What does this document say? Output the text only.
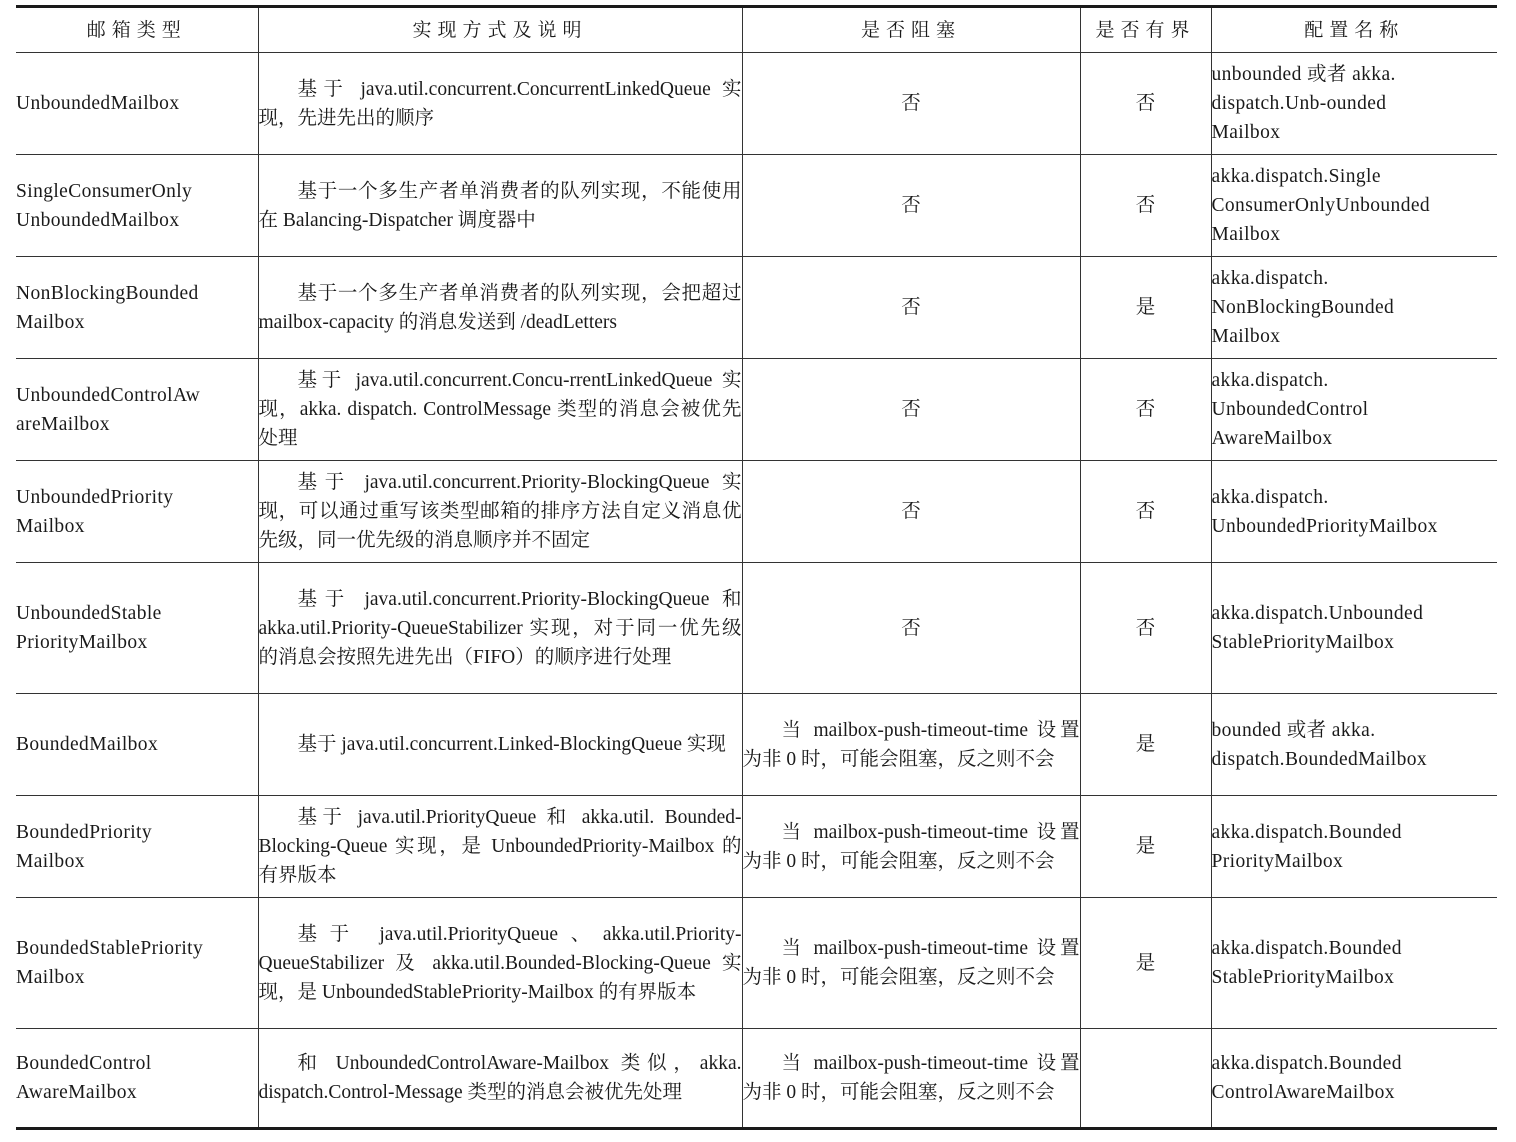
邮箱类型	实现方式及说明	是否阻塞	是否有界	配置名称

UnboundedMailbox	基于 java.util.concurrent.ConcurrentLinkedQueue 实现，先进先出的顺序	否	否	unbounded 或者 akka.
dispatch.Unb-ounded
Mailbox

SingleConsumerOnly
UnboundedMailbox	基于一个多生产者单消费者的队列实现，不能使用在 Balancing-Dispatcher 调度器中	否	否	akka.dispatch.Single
ConsumerOnlyUnbounded
Mailbox

NonBlockingBounded
Mailbox	基于一个多生产者单消费者的队列实现，会把超过 mailbox-capacity 的消息发送到 /deadLetters	否	是	akka.dispatch.
NonBlockingBounded
Mailbox

UnboundedControlAw
areMailbox	基于 java.util.concurrent.Concu-rrentLinkedQueue 实现，akka. dispatch. ControlMessage 类型的消息会被优先处理	否	否	akka.dispatch.
UnboundedControl
AwareMailbox

UnboundedPriority
Mailbox	基于 java.util.concurrent.Priority-BlockingQueue 实现，可以通过重写该类型邮箱的排序方法自定义消息优先级，同一优先级的消息顺序并不固定	否	否	akka.dispatch.
UnboundedPriorityMailbox

UnboundedStable
PriorityMailbox	基于 java.util.concurrent.Priority-BlockingQueue 和 akka.util.Priority-QueueStabilizer 实现，对于同一优先级的消息会按照先进先出（FIFO）的顺序进行处理	否	否	akka.dispatch.Unbounded
StablePriorityMailbox

BoundedMailbox	基于 java.util.concurrent.Linked-BlockingQueue 实现	当 mailbox-push-timeout-time 设置为非 0 时，可能会阻塞，反之则不会	是	bounded 或者 akka.
dispatch.BoundedMailbox

BoundedPriority
Mailbox	基于 java.util.PriorityQueue 和 akka.util. Bounded-Blocking-Queue 实现，是 UnboundedPriority-Mailbox 的有界版本	当 mailbox-push-timeout-time 设置为非 0 时，可能会阻塞，反之则不会	是	akka.dispatch.Bounded
PriorityMailbox

BoundedStablePriority
Mailbox	基于 java.util.PriorityQueue、akka.util.Priority-QueueStabilizer 及 akka.util.Bounded-Blocking-Queue 实现，是 UnboundedStablePriority-Mailbox 的有界版本	当 mailbox-push-timeout-time 设置为非 0 时，可能会阻塞，反之则不会	是	akka.dispatch.Bounded
StablePriorityMailbox

BoundedControl
AwareMailbox	和 UnboundedControlAware-Mailbox 类似，akka. dispatch.Control-Message 类型的消息会被优先处理	当 mailbox-push-timeout-time 设置为非 0 时，可能会阻塞，反之则不会		akka.dispatch.Bounded
ControlAwareMailbox
